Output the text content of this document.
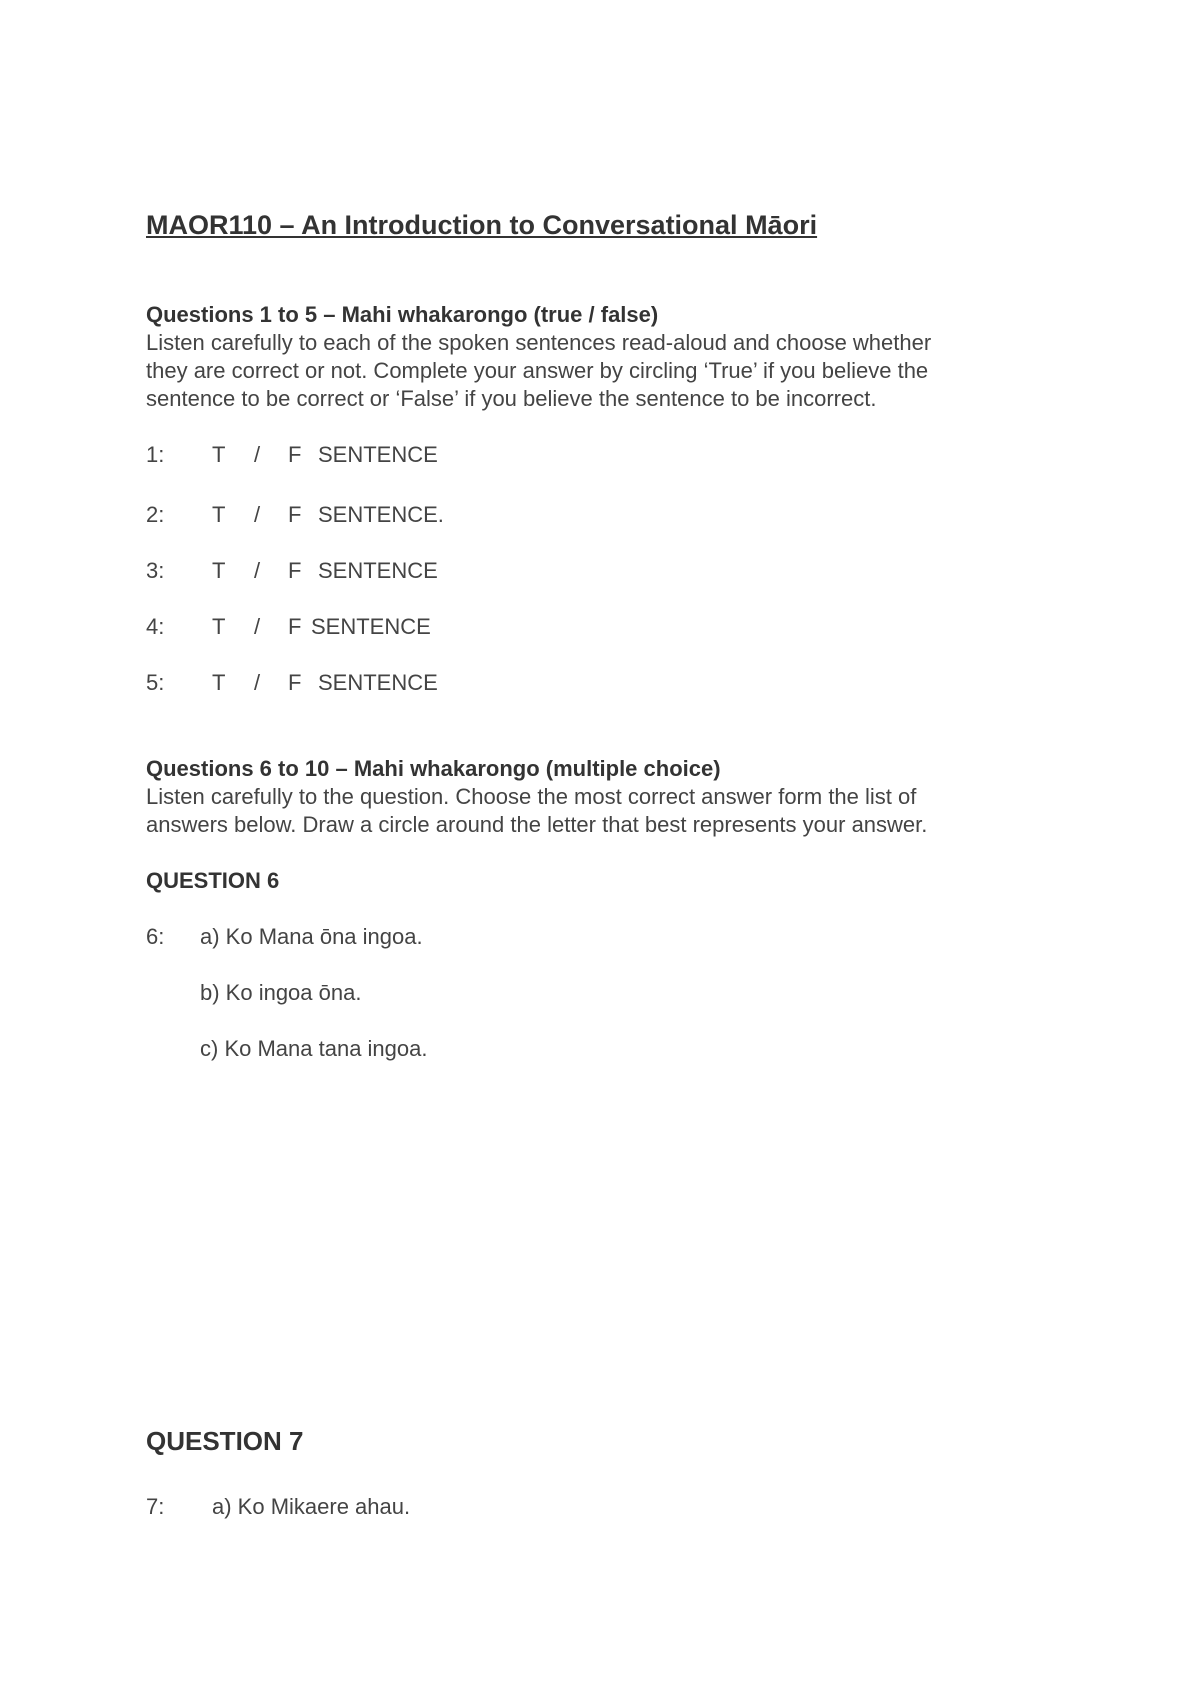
MAOR110 – An Introduction to Conversational Māori
Questions 1 to 5 – Mahi whakarongo (true / false)
Listen carefully to each of the spoken sentences read-aloud and choose whether
they are correct or not. Complete your answer by circling ‘True’ if you believe the
sentence to be correct or ‘False’ if you believe the sentence to be incorrect.
1: T / F SENTENCE
2: T / F SENTENCE.
3: T / F SENTENCE
4: T / F SENTENCE
5: T / F SENTENCE
Questions 6 to 10 – Mahi whakarongo (multiple choice)
Listen carefully to the question. Choose the most correct answer form the list of
answers below. Draw a circle around the letter that best represents your answer.
QUESTION 6
6: a) Ko Mana ōna ingoa.
b) Ko ingoa ōna.
c) Ko Mana tana ingoa.
QUESTION 7
7: a) Ko Mikaere ahau.
